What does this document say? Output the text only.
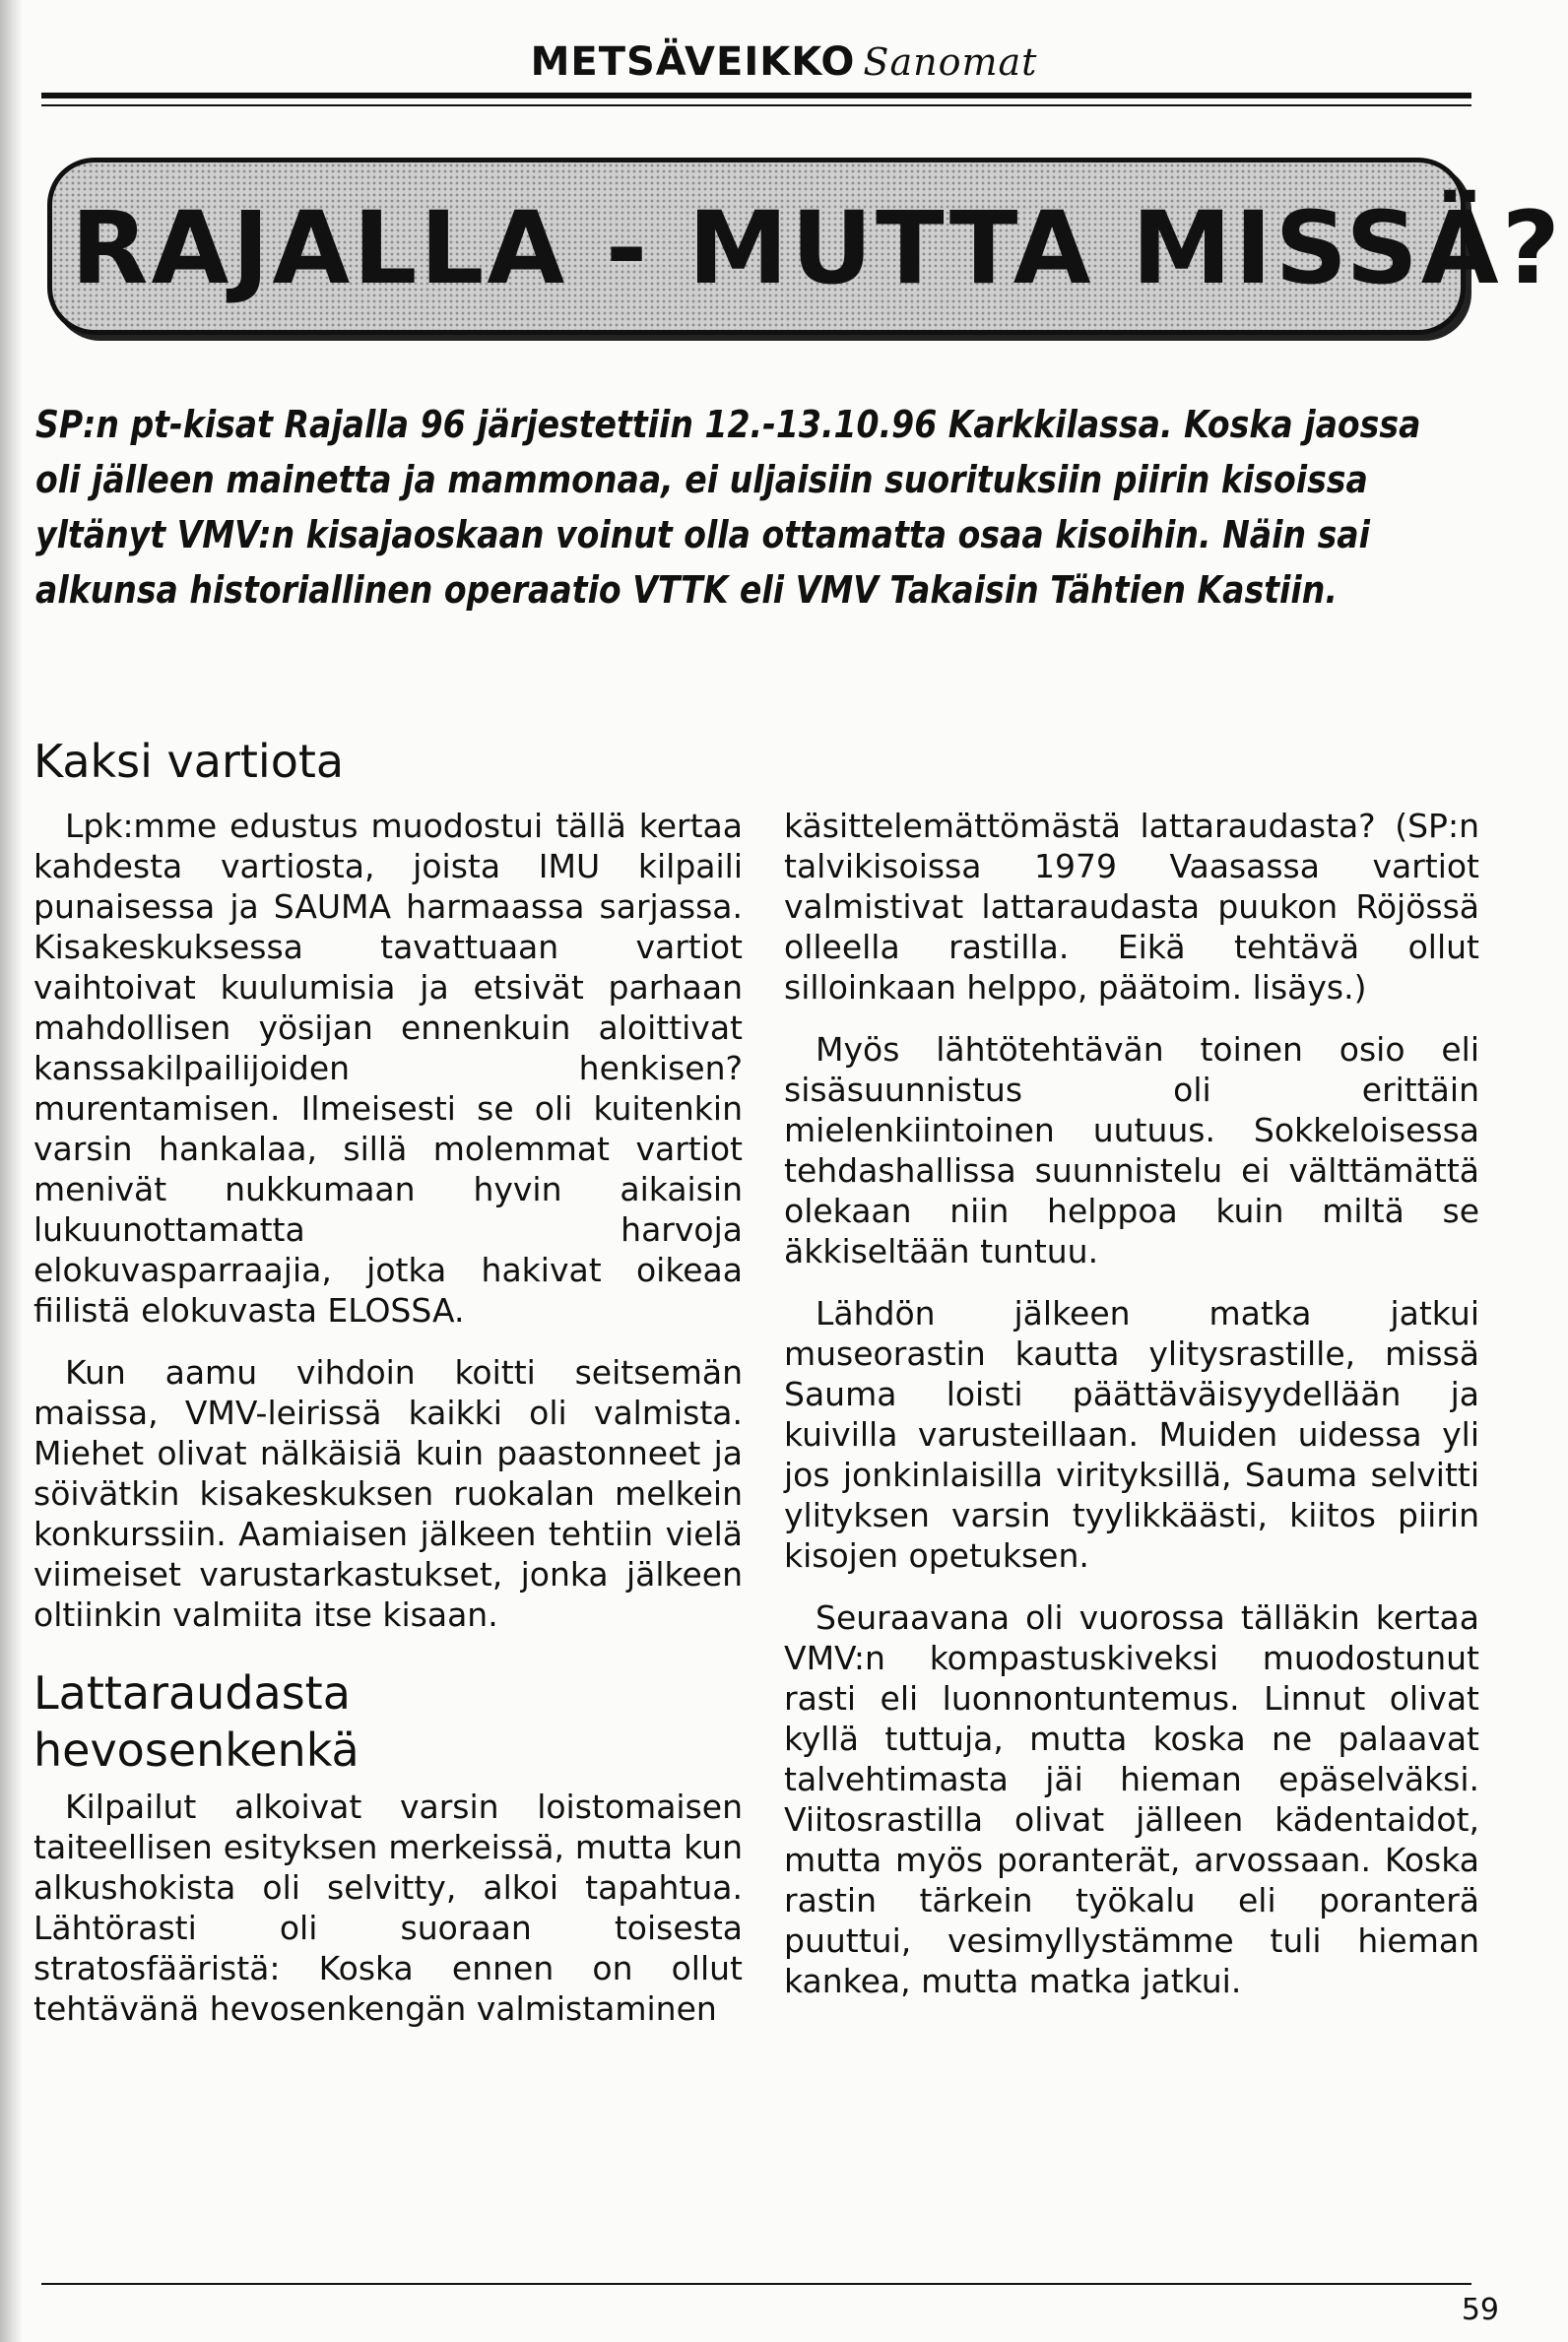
METSÄVEIKKO Sanomat
RAJALLA - MUTTA MISSÄ?
SP:n pt-kisat Rajalla 96 järjestettiin 12.-13.10.96 Karkkilassa. Koska jaossa oli jälleen mainetta ja mammonaa, ei uljaisiin suorituksiin piirin kisoissa yltänyt VMV:n kisajaoskaan voinut olla ottamatta osaa kisoihin. Näin sai alkunsa historiallinen operaatio VTTK eli VMV Takaisin Tähtien Kastiin.
Kaksi vartiota

Lpk:mme edustus muodostui tällä kertaa kahdesta vartiosta, joista IMU kilpaili punaisessa ja SAUMA harmaassa sarjassa. Kisakeskuksessa tavattuaan vartiot vaihtoivat kuulumisia ja etsivät parhaan mahdollisen yösijan ennenkuin aloittivat kanssakilpailijoiden henkisen? murentamisen. Ilmeisesti se oli kuitenkin varsin hankalaa, sillä molemmat vartiot menivät nukkumaan hyvin aikaisin lukuunottamatta harvoja elokuvasparraajia, jotka hakivat oikeaa fiilistä elokuvasta ELOSSA.

Kun aamu vihdoin koitti seitsemän maissa, VMV-leirissä kaikki oli valmista. Miehet olivat nälkäisiä kuin paastonneet ja söivätkin kisakeskuksen ruokalan melkein konkurssiin. Aamiaisen jälkeen tehtiin vielä viimeiset varustarkastukset, jonka jälkeen oltiinkin valmiita itse kisaan.

Lattaraudasta
hevosenkenkä

Kilpailut alkoivat varsin loistomaisen taiteellisen esityksen merkeissä, mutta kun alkushokista oli selvitty, alkoi tapahtua. Lähtörasti oli suoraan toisesta stratosfääristä: Koska ennen on ollut tehtävänä hevosenkengän valmistaminen

käsittelemättömästä lattaraudasta? (SP:n talvikisoissa 1979 Vaasassa vartiot valmistivat lattaraudasta puukon Röjössä olleella rastilla. Eikä tehtävä ollut silloinkaan helppo, päätoim. lisäys.)

Myös lähtötehtävän toinen osio eli sisäsuunnistus oli erittäin mielenkiintoinen uutuus. Sokkeloisessa tehdashallissa suunnistelu ei välttämättä olekaan niin helppoa kuin miltä se äkkiseltään tuntuu.

Lähdön jälkeen matka jatkui museorastin kautta ylitysrastille, missä Sauma loisti päättäväisyydellään ja kuivilla varusteillaan. Muiden uidessa yli jos jonkinlaisilla virityksillä, Sauma selvitti ylityksen varsin tyylikkäästi, kiitos piirin kisojen opetuksen.

Seuraavana oli vuorossa tälläkin kertaa VMV:n kompastuskiveksi muodostunut rasti eli luonnontuntemus. Linnut olivat kyllä tuttuja, mutta koska ne palaavat talvehtimasta jäi hieman epäselväksi. Viitosrastilla olivat jälleen kädentaidot, mutta myös poranterät, arvossaan. Koska rastin tärkein työkalu eli poranterä puuttui, vesimyllystämme tuli hieman kankea, mutta matka jatkui.

59
